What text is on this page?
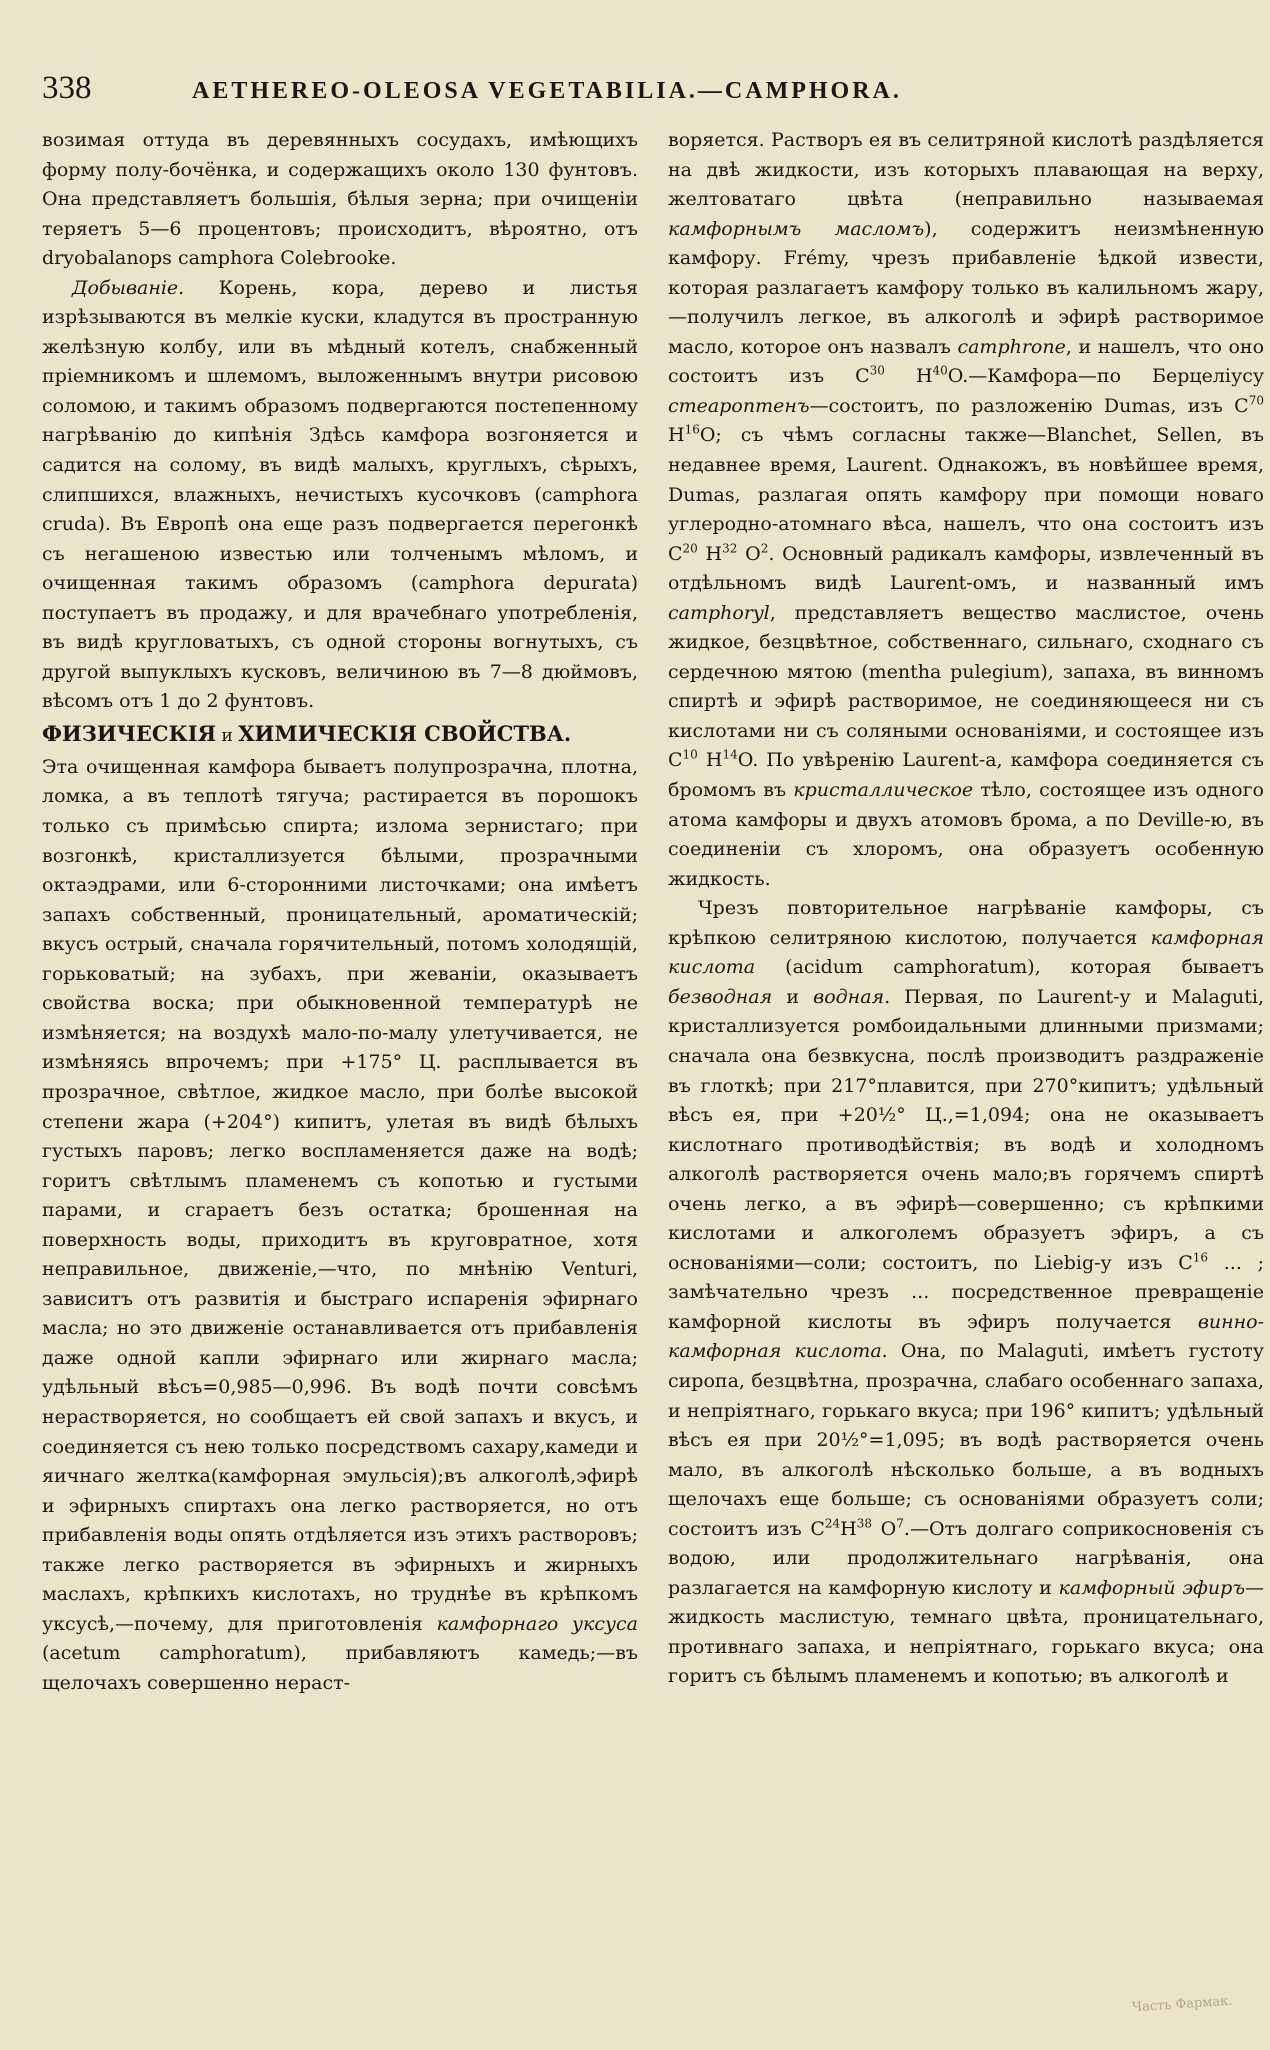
338	AETHEREO-OLEOSA VEGETABILIA.—CAMPHORA.

возимая оттуда въ деревянныхъ сосудахъ, имѣющихъ форму полу-бочёнка, и содержащихъ около 130 фунтовъ. Она представляетъ большія, бѣлыя зерна; при очищеніи теряетъ 5—6 процентовъ; происходитъ, вѣроятно, отъ dryobalanops camphora Colebrooke.

Добываніе. Корень, кора, дерево и листья изрѣзываются въ мелкіе куски, кладутся въ пространную желѣзную колбу, или въ мѣдный котелъ, снабженный пріемникомъ и шлемомъ, выложеннымъ внутри рисовою соломою, и такимъ образомъ подвергаются постепенному нагрѣванію до кипѣнія Здѣсь камфора возгоняется и садится на солому, въ видѣ малыхъ, круглыхъ, сѣрыхъ, слипшихся, влажныхъ, нечистыхъ кусочковъ (camphora cruda). Въ Европѣ она еще разъ подвергается перегонкѣ съ негашеною известью или толченымъ мѣломъ, и очищенная такимъ образомъ (camphora depurata) поступаетъ въ продажу, и для врачебнаго употребленія, въ видѣ кругловатыхъ, съ одной стороны вогнутыхъ, съ другой выпуклыхъ кусковъ, величиною въ 7—8 дюймовъ, вѣсомъ отъ 1 до 2 фунтовъ.

ФИЗИЧЕСКІЯ и ХИМИЧЕСКІЯ СВОЙСТВА.

Эта очищенная камфора бываетъ полупрозрачна, плотна, ломка, а въ теплотѣ тягуча; растирается въ порошокъ только съ примѣсью спирта; излома зернистаго; при возгонкѣ, кристаллизуется бѣлыми, прозрачными октаэдрами, или 6-сторонними листочками; она имѣетъ запахъ собственный, проницательный, ароматическій; вкусъ острый, сначала горячительный, потомъ холодящій, горьковатый; на зубахъ, при жеваніи, оказываетъ свойства воска; при обыкновенной температурѣ не измѣняется; на воздухѣ мало-по-малу улетучивается, не измѣняясь впрочемъ; при +175° Ц. расплывается въ прозрачное, свѣтлое, жидкое масло, при болѣе высокой степени жара (+204°) кипитъ, улетая въ видѣ бѣлыхъ густыхъ паровъ; легко воспламеняется даже на водѣ; горитъ свѣтлымъ пламенемъ съ копотью и густыми парами, и сгараетъ безъ остатка; брошенная на поверхность воды, приходитъ въ круговратное, хотя неправильное, движеніе,—что, по мнѣнію Venturi, зависитъ отъ развитія и быстраго испаренія эфирнаго масла; но это движеніе останавливается отъ прибавленія даже одной капли эфирнаго или жирнаго масла; удѣльный вѣсъ=0,985—0,996. Въ водѣ почти совсѣмъ нерастворяется, но сообщаетъ ей свой запахъ и вкусъ, и соединяется съ нею только посредствомъ сахару,камеди и яичнаго желтка(камфорная эмульсія);въ алкоголѣ,эфирѣ и эфирныхъ спиртахъ она легко растворяется, но отъ прибавленія воды опять отдѣляется изъ этихъ растворовъ; также легко растворяется въ эфирныхъ и жирныхъ маслахъ, крѣпкихъ кислотахъ, но труднѣе въ крѣпкомъ уксусѣ,—почему, для приготовленія камфорнаго уксуса (acetum camphoratum), прибавляютъ камедь;—въ щелочахъ совершенно нераст-

воряется. Растворъ ея въ селитряной кислотѣ раздѣляется на двѣ жидкости, изъ которыхъ плавающая на верху, желтоватаго цвѣта (неправильно называемая камфорнымъ масломъ), содержитъ неизмѣненную камфору. Frémy, чрезъ прибавленіе ѣдкой извести, которая разлагаетъ камфору только въ калильномъ жару,—получилъ легкое, въ алкоголѣ и эфирѣ растворимое масло, которое онъ назвалъ camphrone, и нашелъ, что оно состоитъ изъ $C^{30}$ $H^{40}O.—Камфора—по$ Берцеліусу стеароптенъ—состоитъ, по разложенію Dumas, изъ $C^{70}$ $H^{16}O$; съ чѣмъ согласны также—Blanchet, Sellen, въ недавнее время, Laurent. Однакожъ, въ новѣйшее время, Dumas, разлагая опять камфору при помощи новаго углеродно-атомнаго вѣса, нашелъ, что она состоитъ изъ $C^{20}$ $H^{32}$ $O^2$. Основный радикалъ камфоры, извлеченный въ отдѣльномъ видѣ Laurent-омъ, и названный имъ camphoryl, представляетъ вещество маслистое, очень жидкое, безцвѣтное, собственнаго, сильнаго, сходнаго съ сердечною мятою (mentha pulegium), запаха, въ винномъ спиртѣ и эфирѣ растворимое, не соединяющееся ни съ кислотами ни съ соляными основаніями, и состоящее изъ $C^{10}$ $H^{14}O$. По увѣренію Laurent-а, камфора соединяется съ бромомъ въ кристаллическое тѣло, состоящее изъ одного атома камфоры и двухъ атомовъ брома, а по Deville-ю, въ соединеніи съ хлоромъ, она образуетъ особенную жидкость.

Чрезъ повторительное нагрѣваніе камфоры, съ крѣпкою селитряною кислотою, получается камфорная кислота (acidum camphoratum), которая бываетъ безводная и водная. Первая, по Laurent-у и Malaguti, кристаллизуется ромбоидальными длинными призмами; сначала она безвкусна, послѣ производитъ раздраженіе въ глоткѣ; при 217°плавится, при 270°кипитъ; удѣльный вѣсъ ея, при +20½° Ц.,=1,094; она не оказываетъ кислотнаго противодѣйствія; въ водѣ и холодномъ алкоголѣ растворяется очень мало;въ горячемъ спиртѣ очень легко, а въ эфирѣ—совершенно; съ крѣпкими кислотами и алкоголемъ образуетъ эфиръ, а съ основаніями—соли; состоитъ, по Liebig-у изъ $C^{16}$ ... ; замѣчательно чрезъ ... посредственное превращеніе камфорной кислоты въ эфиръ получается винно-камфорная кислота. Она, по Malaguti, имѣетъ густоту сиропа, безцвѣтна, прозрачна, слабаго особеннаго запаха, и непріятнаго, горькаго вкуса; при 196° кипитъ; удѣльный вѣсъ ея при 20½°=1,095; въ водѣ растворяется очень мало, въ алкоголѣ нѣсколько больше, а въ водныхъ щелочахъ еще больше; съ основаніями образуетъ соли; состоитъ изъ $C^{24}H^{38}$ $O^7.—Отъ$ долгаго соприкосновенія съ водою, или продолжительнаго нагрѣванія, она разлагается на камфорную кислоту и камфорный эфиръ—жидкость маслистую, темнаго цвѣта, проницательнаго, противнаго запаха, и непріятнаго, горькаго вкуса; она горитъ съ бѣлымъ пламенемъ и копотью; въ алкоголѣ и

Часть Фармак.
